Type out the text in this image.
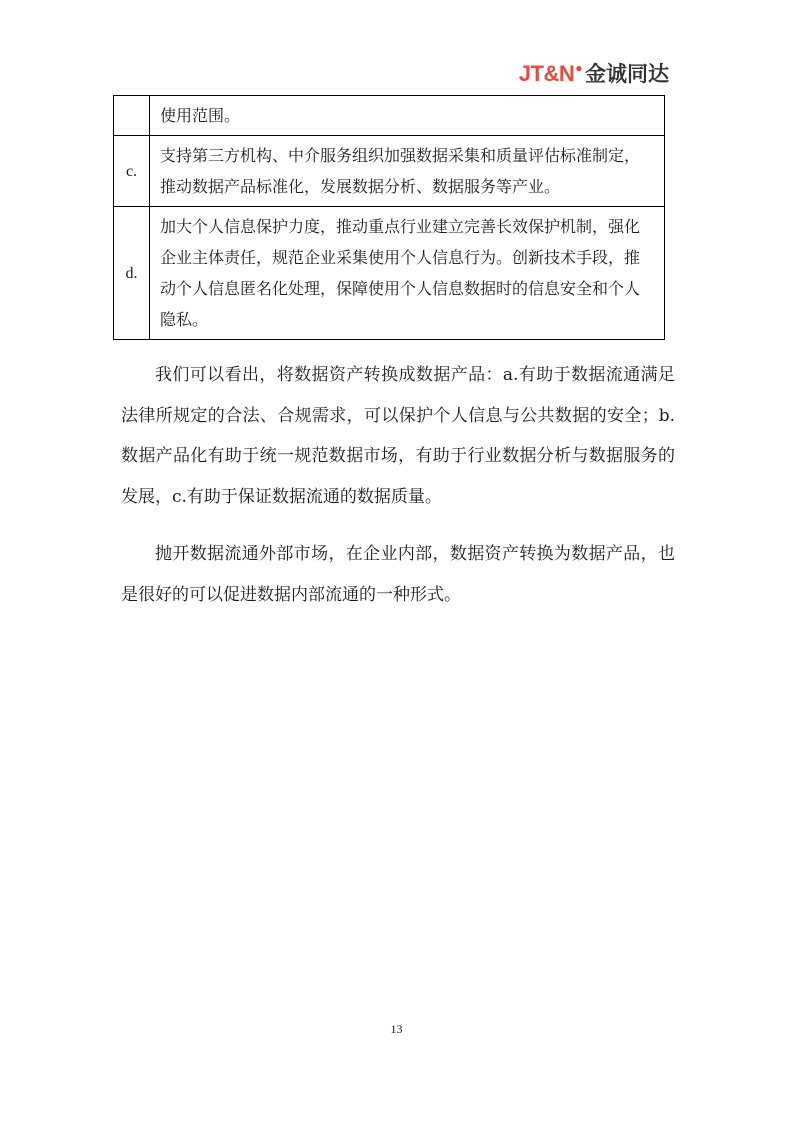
JT&N ● 金诚同达
	使用范围。
c.	支持第三方机构、中介服务组织加强数据采集和质量评估标准制定，推动数据产品标准化，发展数据分析、数据服务等产业。
d.	加大个人信息保护力度，推动重点行业建立完善长效保护机制，强化企业主体责任，规范企业采集使用个人信息行为。创新技术手段，推动个人信息匿名化处理，保障使用个人信息数据时的信息安全和个人隐私。

我们可以看出，将数据资产转换成数据产品：a.有助于数据流通满足法律所规定的合法、合规需求，可以保护个人信息与公共数据的安全；b.数据产品化有助于统一规范数据市场，有助于行业数据分析与数据服务的发展，c.有助于保证数据流通的数据质量。

抛开数据流通外部市场，在企业内部，数据资产转换为数据产品，也是很好的可以促进数据内部流通的一种形式。

13
